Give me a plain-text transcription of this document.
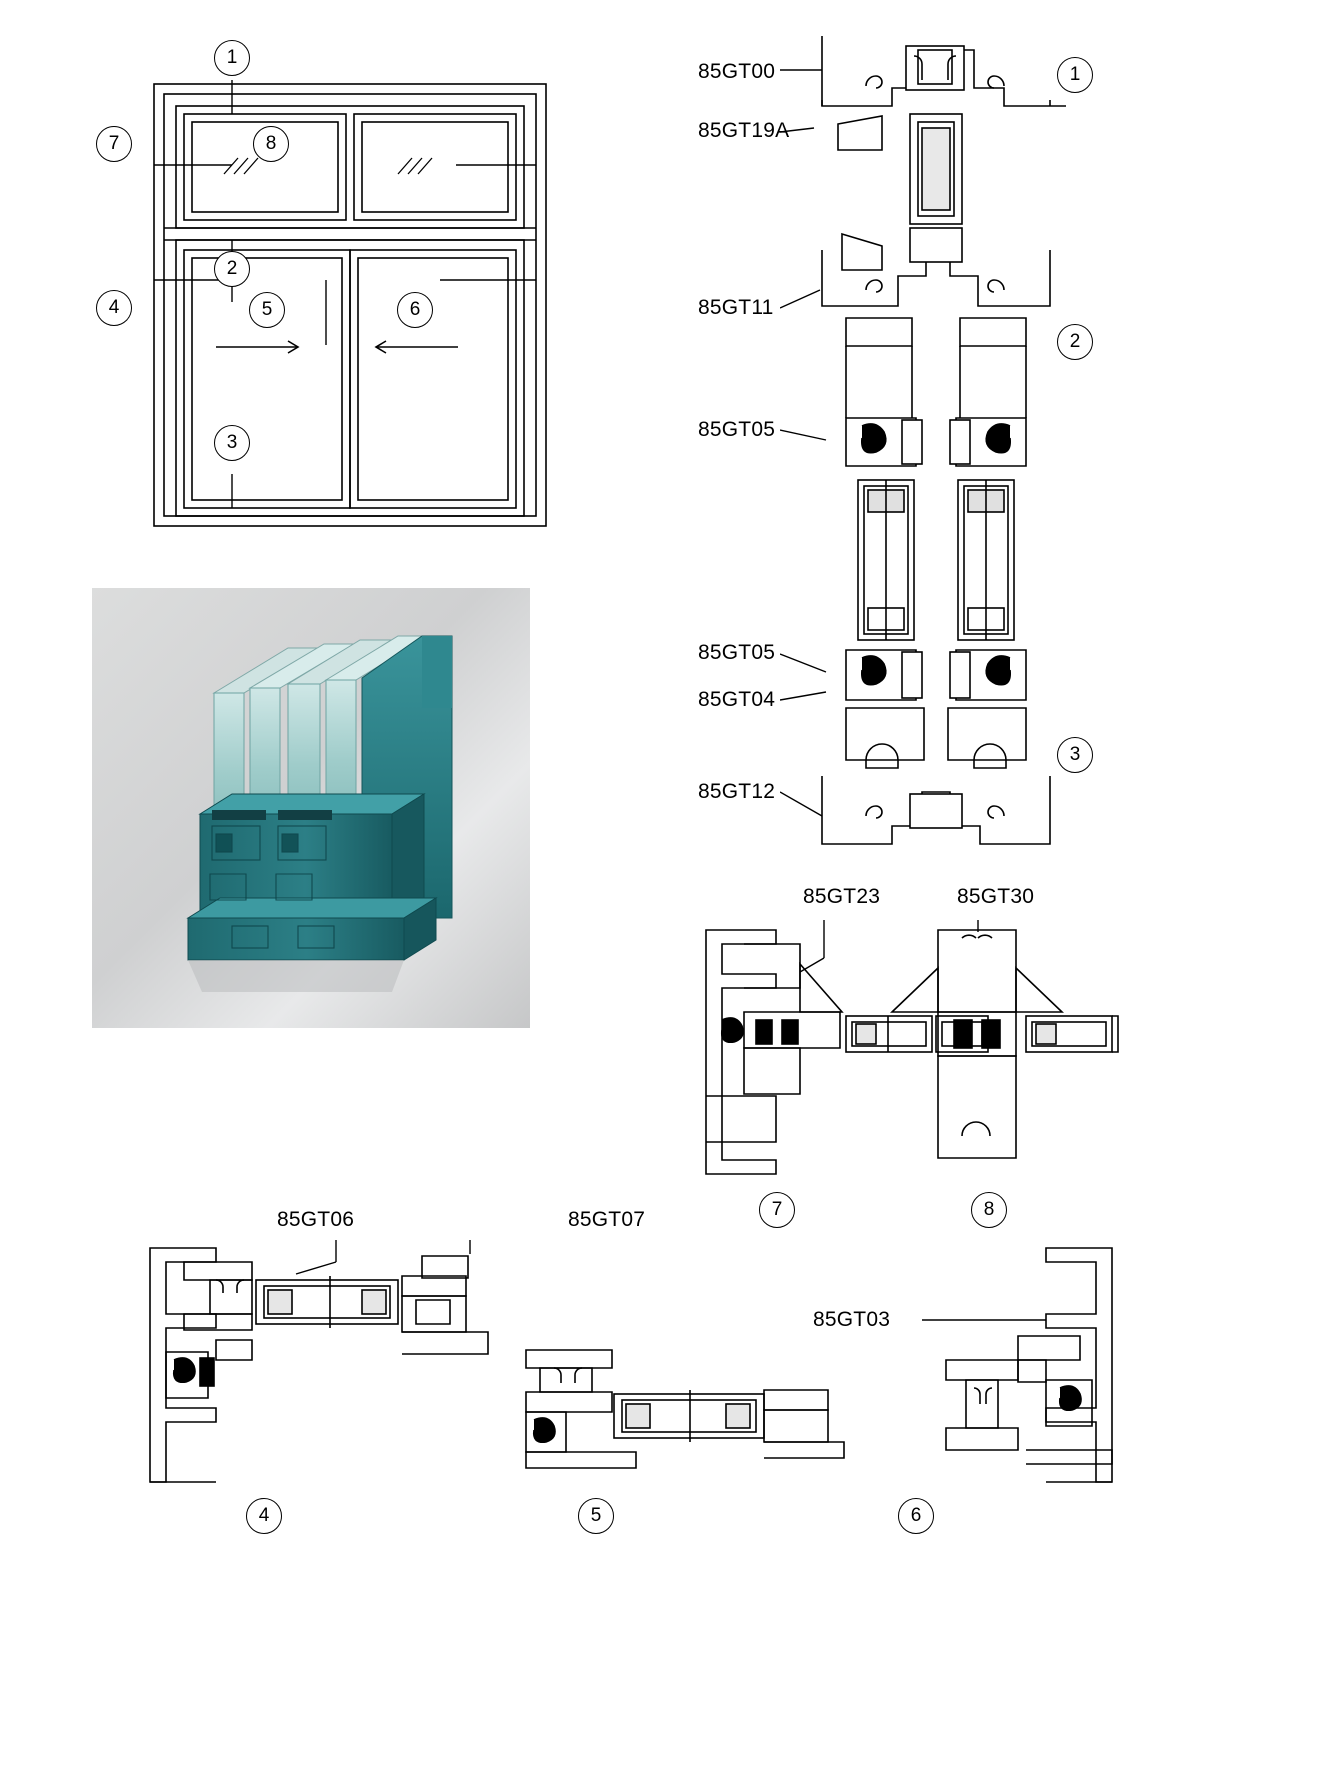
1
7	8
2
4	5	6
3
85GT00
85GT19A
85GT11
85GT05
85GT05
85GT04
85GT12
1
2
3
85GT23	85GT30
7	8
85GT06	85GT07
85GT03
4	5	6
